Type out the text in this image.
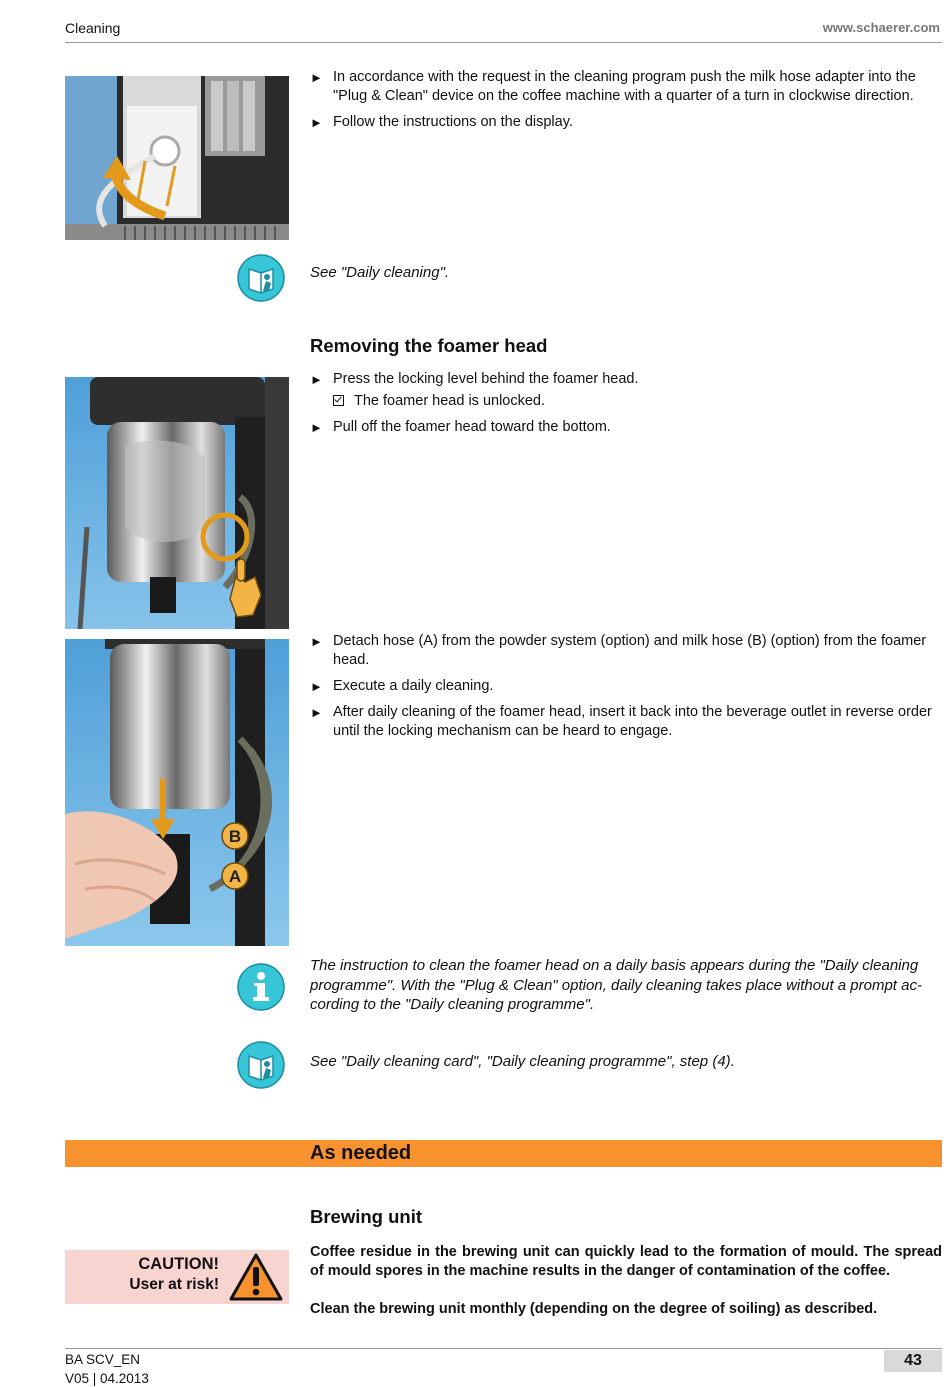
Cleaning	www.schaerer.com
► In accordance with the request in the cleaning program push the milk hose adapter into the "Plug & Clean" device on the coffee machine with a quarter of a turn in clockwise direction.
► Follow the instructions on the display.
See "Daily cleaning".
Removing the foamer head
► Press the locking level behind the foamer head.
The foamer head is unlocked.
► Pull off the foamer head toward the bottom.
B
A
► Detach hose (A) from the powder system (option) and milk hose (B) (option) from the foamer head.
► Execute a daily cleaning.
► After daily cleaning of the foamer head, insert it back into the beverage outlet in reverse order until the locking mechanism can be heard to engage.
The instruction to clean the foamer head on a daily basis appears during the "Daily cleaning programme". With the "Plug & Clean" option, daily cleaning takes place without a prompt according to the "Daily cleaning programme".
See "Daily cleaning card", "Daily cleaning programme", step (4).
As needed
Brewing unit
CAUTION!
User at risk!
Coffee residue in the brewing unit can quickly lead to the formation of mould. The spread of mould spores in the machine results in the danger of contamination of the coffee.
Clean the brewing unit monthly (depending on the degree of soiling) as described.
BA SCV_EN
V05 | 04.2013
43
